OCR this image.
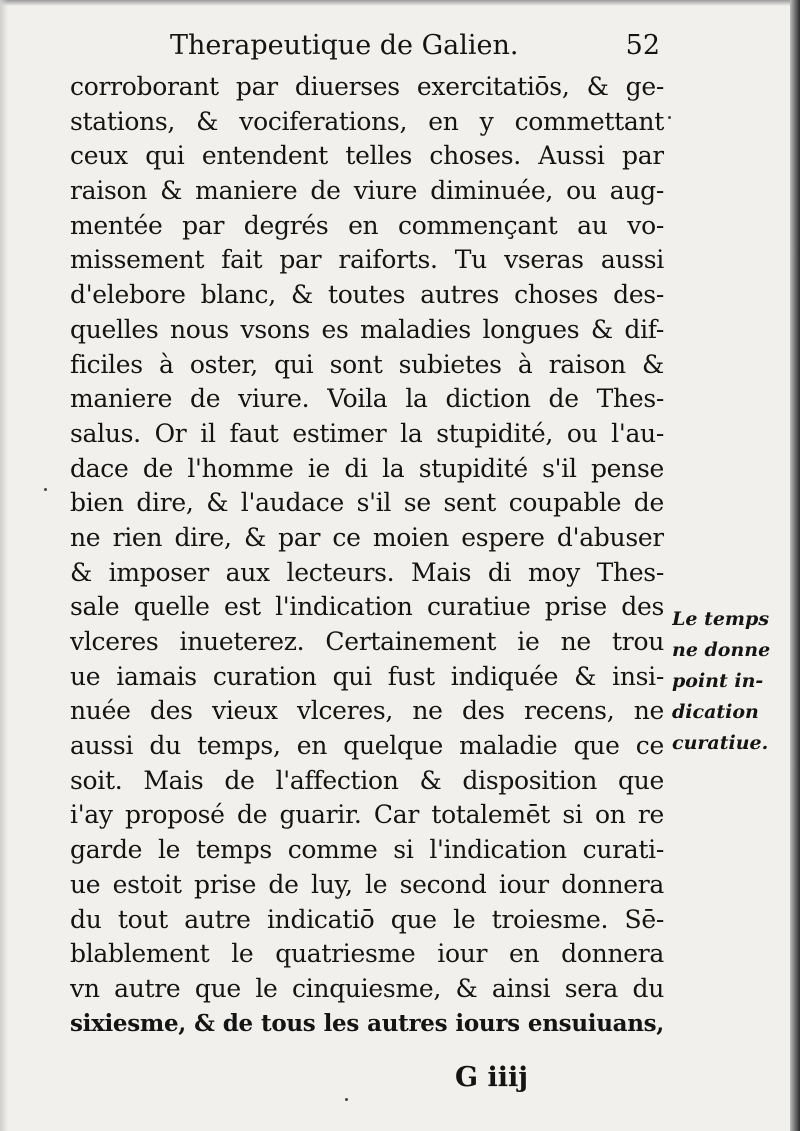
Therapeutique de Galien.	52
corroborant par diuerses exercitatiōs, & ge-
stations, & vociferations, en y commettant
ceux qui entendent telles choses. Aussi par
raison & maniere de viure diminuée, ou aug-
mentée par degrés en commençant au vo-
missement fait par raiforts. Tu vseras aussi
d'elebore blanc, & toutes autres choses des-
quelles nous vsons es maladies longues & dif-
ficiles à oster, qui sont subietes à raison &
maniere de viure. Voila la diction de Thes-
salus. Or il faut estimer la stupidité, ou l'au-
dace de l'homme ie di la stupidité s'il pense
bien dire, & l'audace s'il se sent coupable de
ne rien dire, & par ce moien espere d'abuser
& imposer aux lecteurs. Mais di moy Thes-
sale quelle est l'indication curatiue prise des
vlceres inueterez. Certainement ie ne trou
ue iamais curation qui fust indiquée & insi-
nuée des vieux vlceres, ne des recens, ne
aussi du temps, en quelque maladie que ce
soit. Mais de l'affection & disposition que
i'ay proposé de guarir. Car totalemēt si on re
garde le temps comme si l'indication curati-
ue estoit prise de luy, le second iour donnera
du tout autre indicatiō que le troiesme. Sē-
blablement le quatriesme iour en donnera
vn autre que le cinquiesme, & ainsi sera du
sixiesme, & de tous les autres iours ensuiuans,
Le temps
ne donne
point in-
dication
curatiue.
G iiij
